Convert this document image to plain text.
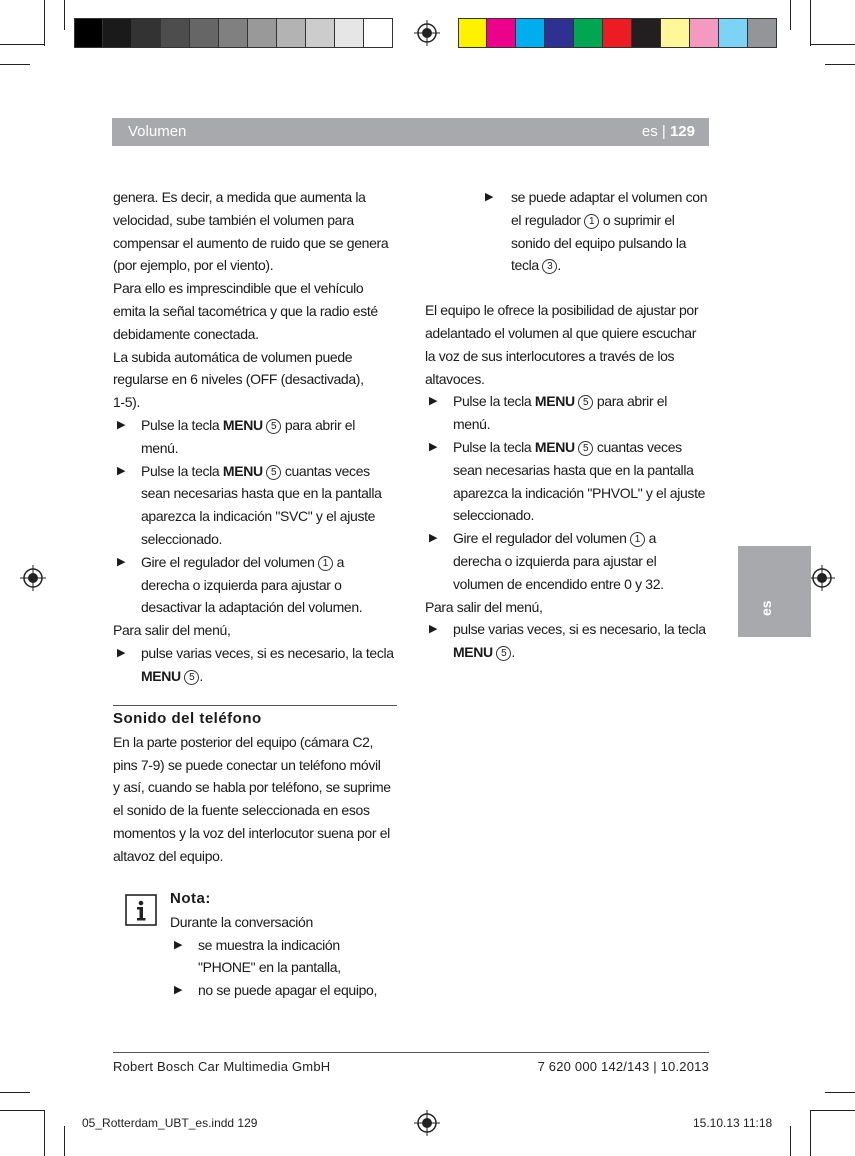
Volumen	es | 129
es

genera. Es decir, a medida que aumenta la
velocidad, sube también el volumen para
compensar el aumento de ruido que se genera
(por ejemplo, por el viento).

Para ello es imprescindible que el vehículo
emita la señal tacométrica y que la radio esté
debidamente conectada.

La subida automática de volumen puede
regularse en 6 niveles (OFF (desactivada),
1-5).

▶ Pulse la tecla MENU 5 para abrir el
menú.
▶ Pulse la tecla MENU 5 cuantas veces
sean necesarias hasta que en la pantalla
aparezca la indicación "SVC" y el ajuste
seleccionado.
▶ Gire el regulador del volumen 1 a
derecha o izquierda para ajustar o
desactivar la adaptación del volumen.

Para salir del menú,

▶ pulse varias veces, si es necesario, la tecla
MENU 5 .

Sonido del teléfono

En la parte posterior del equipo (cámara C2,
pins 7-9) se puede conectar un teléfono móvil
y así, cuando se habla por teléfono, se suprime
el sonido de la fuente seleccionada en esos
momentos y la voz del interlocutor suena por el
altavoz del equipo.

Nota:

Durante la conversación

▶ se muestra la indicación
"PHONE" en la pantalla,
▶ no se puede apagar el equipo,
▶ se puede adaptar el volumen con
el regulador 1 o suprimir el
sonido del equipo pulsando la
tecla 3 .

El equipo le ofrece la posibilidad de ajustar por
adelantado el volumen al que quiere escuchar
la voz de sus interlocutores a través de los
altavoces.

▶ Pulse la tecla MENU 5 para abrir el
menú.
▶ Pulse la tecla MENU 5 cuantas veces
sean necesarias hasta que en la pantalla
aparezca la indicación "PHVOL" y el ajuste
seleccionado.
▶ Gire el regulador del volumen 1 a
derecha o izquierda para ajustar el
volumen de encendido entre 0 y 32.

Para salir del menú,

▶ pulse varias veces, si es necesario, la tecla
MENU 5 .
Robert Bosch Car Multimedia GmbH	7 620 000 142/143 | 10.2013
05_Rotterdam_UBT_es.indd 129	15.10.13 11:18
